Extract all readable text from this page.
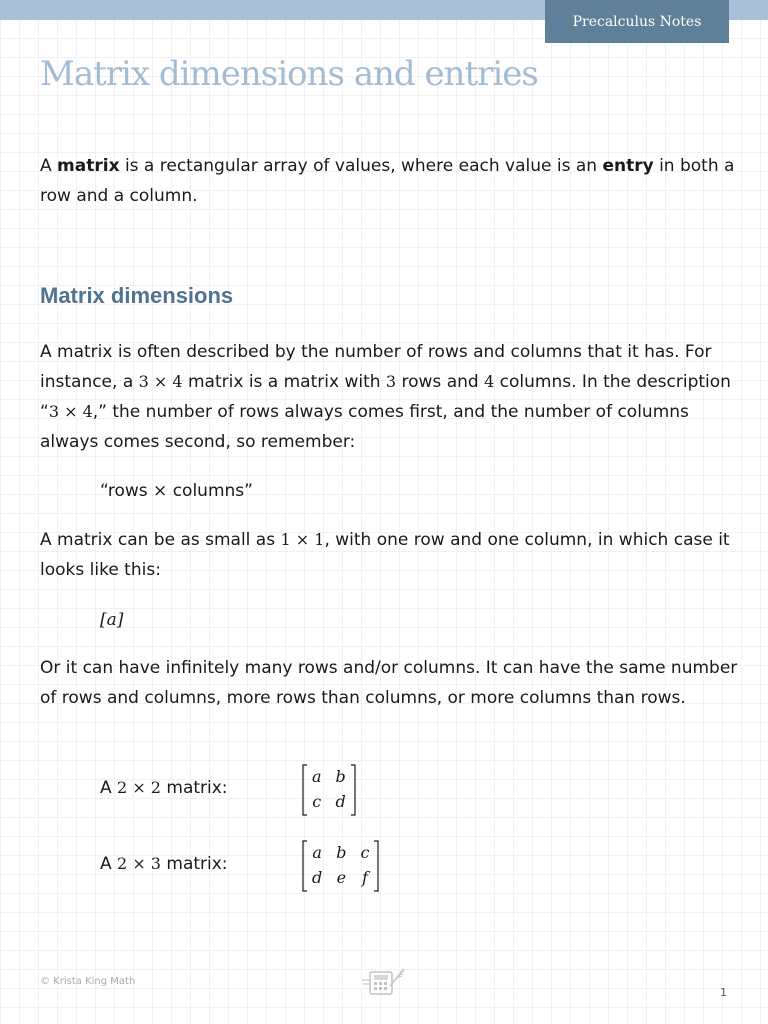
Precalculus Notes
Matrix dimensions and entries

A matrix is a rectangular array of values, where each value is an entry in both a row and a column.

Matrix dimensions

A matrix is often described by the number of rows and columns that it has. For instance, a 3 × 4 matrix is a matrix with 3 rows and 4 columns. In the description “3 × 4,” the number of rows always comes first, and the number of columns always comes second, so remember:

“rows × columns”

A matrix can be as small as 1 × 1, with one row and one column, in which case it looks like this:

[a]

Or it can have infinitely many rows and/or columns. It can have the same number of rows and columns, more rows than columns, or more columns than rows.

A 2 × 2 matrix:
a b
c d
A 2 × 3 matrix:
a b c
d e f
© Krista King Math
1
